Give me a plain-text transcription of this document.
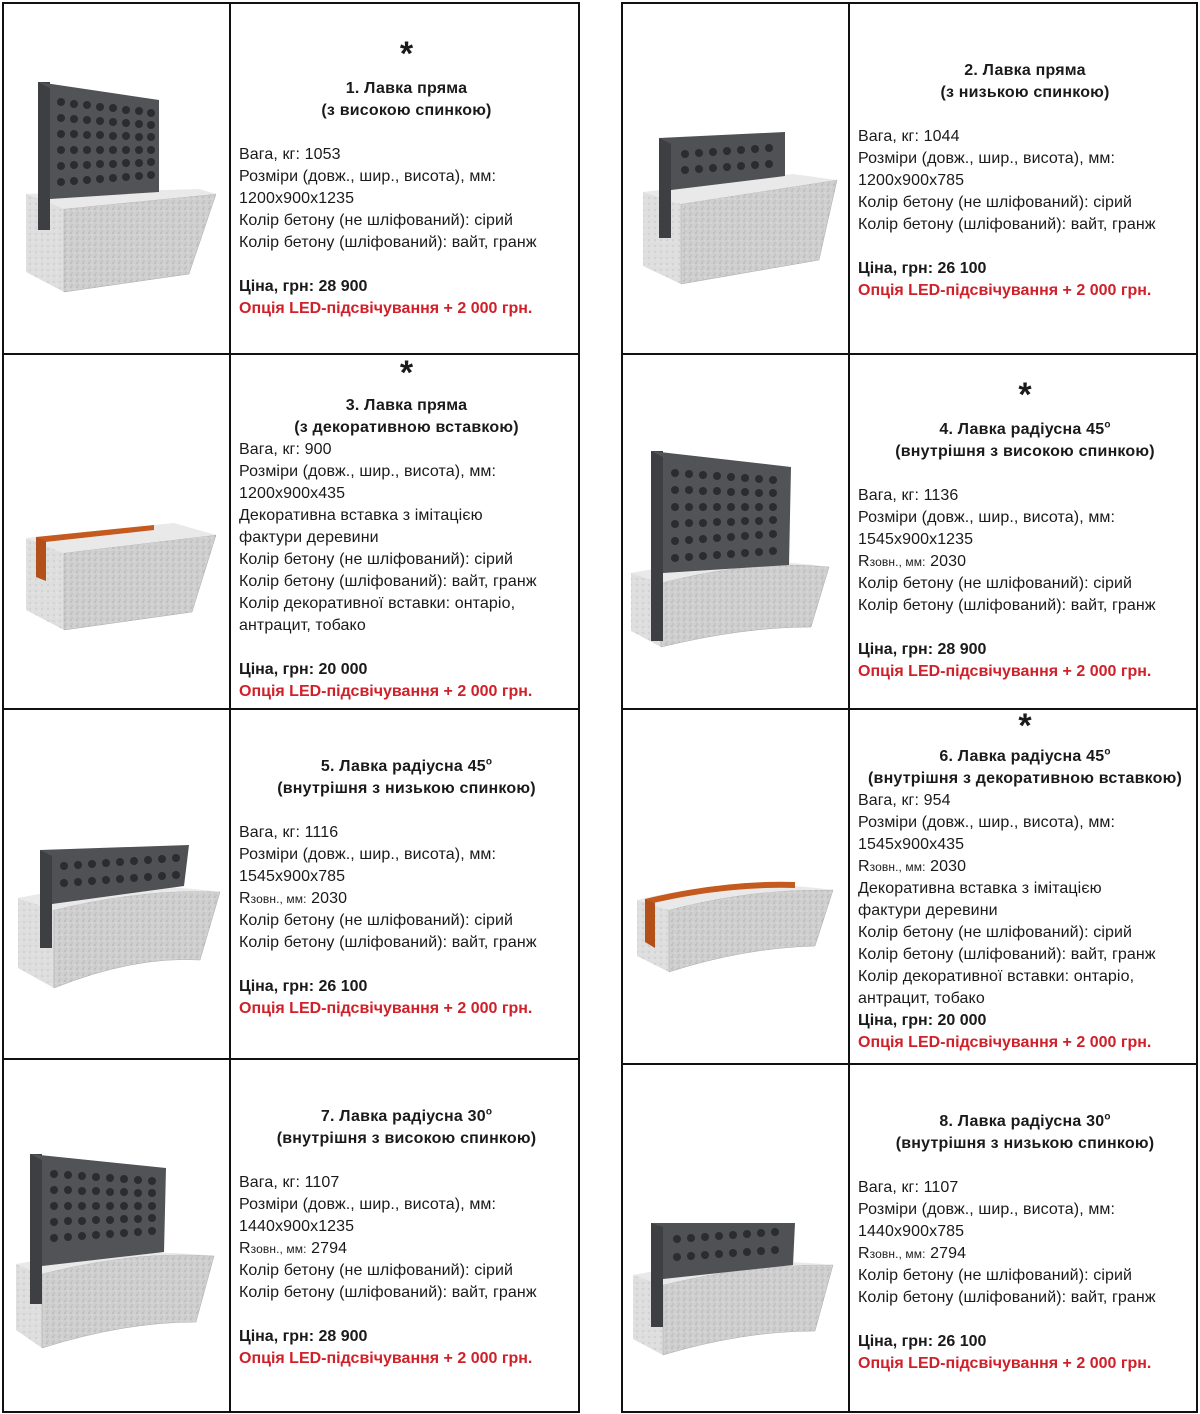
*
1. Лавка пряма
(з високою спинкою)
Вага, кг: 1053
Розміри (довж., шир., висота), мм:
1200x900x1235
Колір бетону (не шліфований): сірий
Колір бетону (шліфований): вайт, гранж
Ціна, грн: 28 900
Опція LED-підсвічування + 2 000 грн.
*
3. Лавка пряма
(з декоративною вставкою)
Вага, кг: 900
Розміри (довж., шир., висота), мм:
1200x900x435
Декоративна вставка з імітацією
фактури деревини
Колір бетону (не шліфований): сірий
Колір бетону (шліфований): вайт, гранж
Колір декоративної вставки: онтаріо,
антрацит, тобако
Ціна, грн: 20 000
Опція LED-підсвічування + 2 000 грн.
5. Лавка радіусна $45^о$
(внутрішня з низькою спинкою)
Вага, кг: 1116
Розміри (довж., шир., висота), мм:
1545x900x785
Rзовн., мм: 2030
Колір бетону (не шліфований): сірий
Колір бетону (шліфований): вайт, гранж
Ціна, грн: 26 100
Опція LED-підсвічування + 2 000 грн.
7. Лавка радіусна $30^о$
(внутрішня з високою спинкою)
Вага, кг: 1107
Розміри (довж., шир., висота), мм:
1440x900x1235
Rзовн., мм: 2794
Колір бетону (не шліфований): сірий
Колір бетону (шліфований): вайт, гранж
Ціна, грн: 28 900
Опція LED-підсвічування + 2 000 грн.
2. Лавка пряма
(з низькою спинкою)
Вага, кг: 1044
Розміри (довж., шир., висота), мм:
1200x900x785
Колір бетону (не шліфований): сірий
Колір бетону (шліфований): вайт, гранж
Ціна, грн: 26 100
Опція LED-підсвічування + 2 000 грн.
*
4. Лавка радіусна $45^о$
(внутрішня з високою спинкою)
Вага, кг: 1136
Розміри (довж., шир., висота), мм:
1545x900x1235
Rзовн., мм: 2030
Колір бетону (не шліфований): сірий
Колір бетону (шліфований): вайт, гранж
Ціна, грн: 28 900
Опція LED-підсвічування + 2 000 грн.
*
6. Лавка радіусна $45^о$
(внутрішня з декоративною вставкою)
Вага, кг: 954
Розміри (довж., шир., висота), мм:
1545x900x435
Rзовн., мм: 2030
Декоративна вставка з імітацією
фактури деревини
Колір бетону (не шліфований): сірий
Колір бетону (шліфований): вайт, гранж
Колір декоративної вставки: онтаріо,
антрацит, тобако
Ціна, грн: 20 000
Опція LED-підсвічування + 2 000 грн.
8. Лавка радіусна $30^о$
(внутрішня з низькою спинкою)
Вага, кг: 1107
Розміри (довж., шир., висота), мм:
1440x900x785
Rзовн., мм: 2794
Колір бетону (не шліфований): сірий
Колір бетону (шліфований): вайт, гранж
Ціна, грн: 26 100
Опція LED-підсвічування + 2 000 грн.
